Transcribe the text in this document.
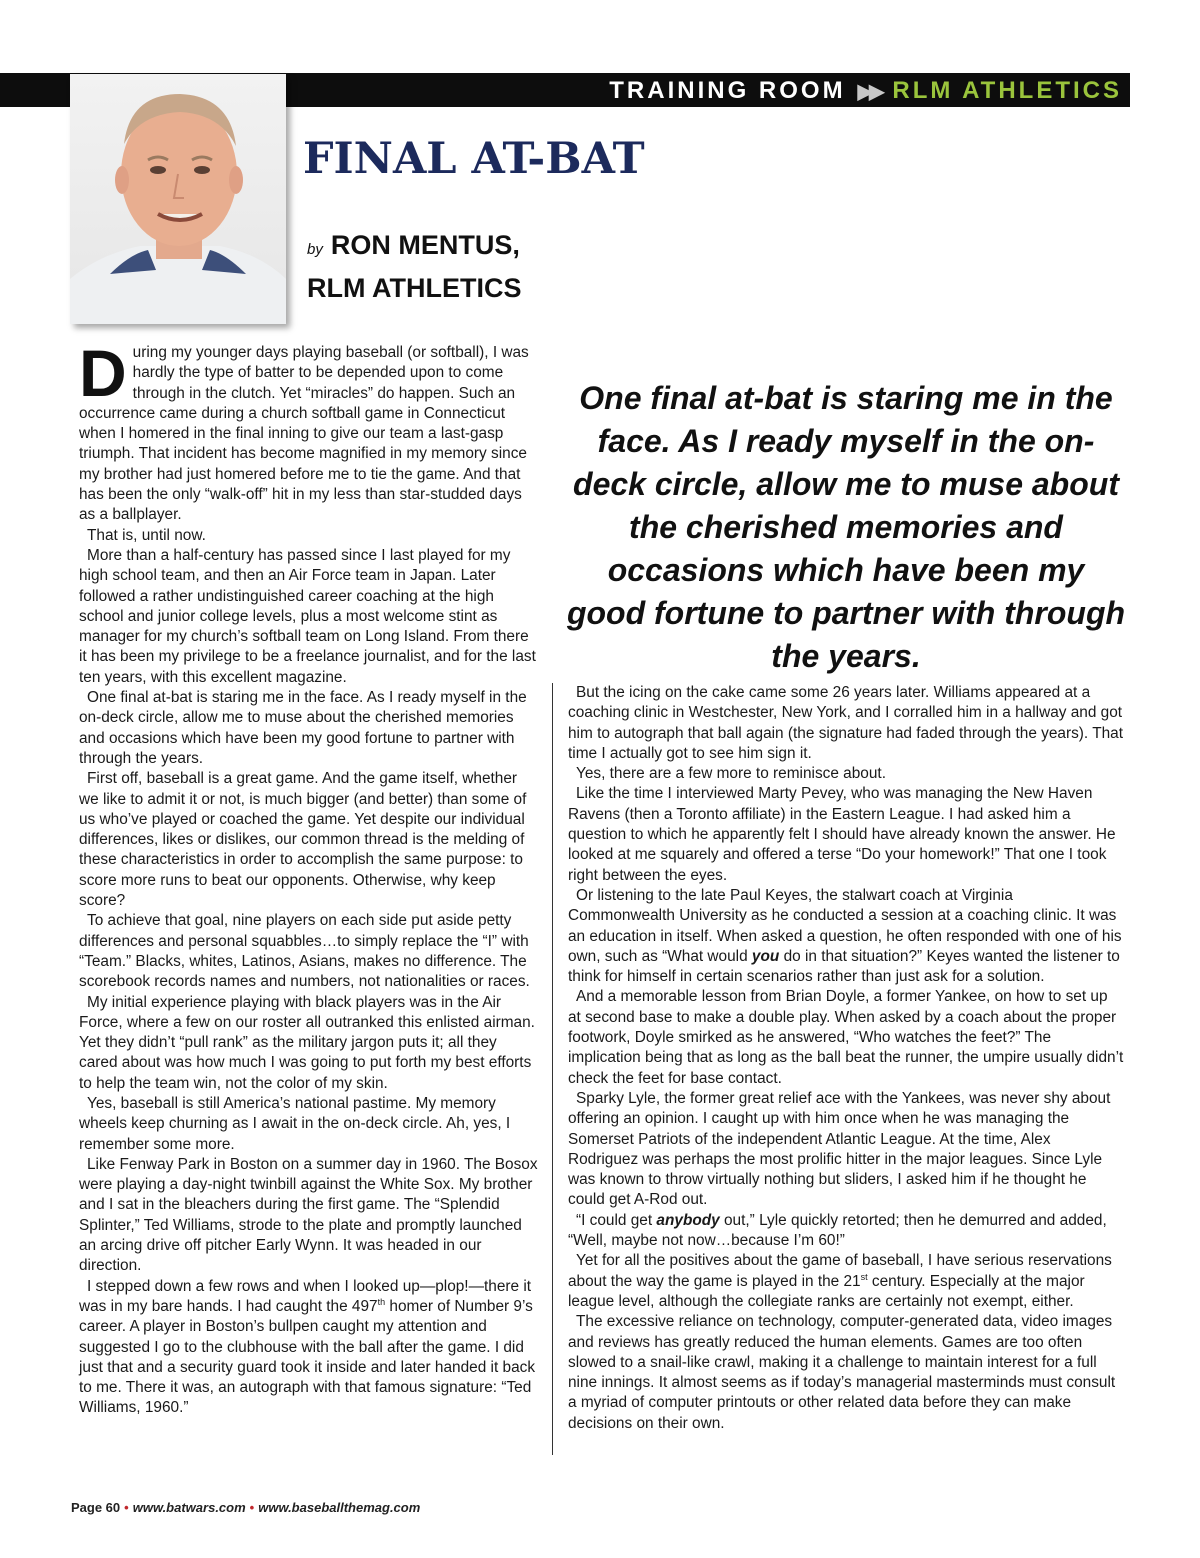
TRAINING ROOM ▶▶ RLM ATHLETICS
FINAL AT-BAT
by RON MENTUS,
RLM ATHLETICS

During my younger days playing baseball (or softball), I was hardly the type of batter to be depended upon to come through in the clutch. Yet “miracles” do happen. Such an occurrence came during a church softball game in Connecticut when I homered in the final inning to give our team a last-gasp triumph. That incident has become magnified in my memory since my brother had just homered before me to tie the game. And that has been the only “walk-off” hit in my less than star-studded days as a ballplayer.

That is, until now.

More than a half-century has passed since I last played for my high school team, and then an Air Force team in Japan. Later followed a rather undistinguished career coaching at the high school and junior college levels, plus a most welcome stint as manager for my church’s softball team on Long Island. From there it has been my privilege to be a freelance journalist, and for the last ten years, with this excellent magazine.

One final at-bat is staring me in the face. As I ready myself in the on-deck circle, allow me to muse about the cherished memories and occasions which have been my good fortune to partner with through the years.

First off, baseball is a great game. And the game itself, whether we like to admit it or not, is much bigger (and better) than some of us who’ve played or coached the game. Yet despite our individual differences, likes or dislikes, our common thread is the melding of these characteristics in order to accomplish the same purpose: to score more runs to beat our opponents. Otherwise, why keep score?

To achieve that goal, nine players on each side put aside petty differences and personal squabbles…to simply replace the “I” with “Team.” Blacks, whites, Latinos, Asians, makes no difference. The scorebook records names and numbers, not nationalities or races.

My initial experience playing with black players was in the Air Force, where a few on our roster all outranked this enlisted airman. Yet they didn’t “pull rank” as the military jargon puts it; all they cared about was how much I was going to put forth my best efforts to help the team win, not the color of my skin.

Yes, baseball is still America’s national pastime. My memory wheels keep churning as I await in the on-deck circle. Ah, yes, I remember some more.

Like Fenway Park in Boston on a summer day in 1960. The Bosox were playing a day-night twinbill against the White Sox. My brother and I sat in the bleachers during the first game. The “Splendid Splinter,” Ted Williams, strode to the plate and promptly launched an arcing drive off pitcher Early Wynn. It was headed in our direction.

I stepped down a few rows and when I looked up—plop!—there it was in my bare hands. I had caught the 497th homer of Number 9’s career. A player in Boston’s bullpen caught my attention and suggested I go to the clubhouse with the ball after the game. I did just that and a security guard took it inside and later handed it back to me. There it was, an autograph with that famous signature: “Ted Williams, 1960.”

One final at-bat is staring me in the face. As I ready myself in the on-deck circle, allow me to muse about the cherished memories and occasions which have been my good fortune to partner with through the years.

But the icing on the cake came some 26 years later. Williams appeared at a coaching clinic in Westchester, New York, and I corralled him in a hallway and got him to autograph that ball again (the signature had faded through the years). That time I actually got to see him sign it.

Yes, there are a few more to reminisce about.

Like the time I interviewed Marty Pevey, who was managing the New Haven Ravens (then a Toronto affiliate) in the Eastern League. I had asked him a question to which he apparently felt I should have already known the answer. He looked at me squarely and offered a terse “Do your homework!” That one I took right between the eyes.

Or listening to the late Paul Keyes, the stalwart coach at Virginia Commonwealth University as he conducted a session at a coaching clinic. It was an education in itself. When asked a question, he often responded with one of his own, such as “What would you do in that situation?” Keyes wanted the listener to think for himself in certain scenarios rather than just ask for a solution.

And a memorable lesson from Brian Doyle, a former Yankee, on how to set up at second base to make a double play. When asked by a coach about the proper footwork, Doyle smirked as he answered, “Who watches the feet?” The implication being that as long as the ball beat the runner, the umpire usually didn’t check the feet for base contact.

Sparky Lyle, the former great relief ace with the Yankees, was never shy about offering an opinion. I caught up with him once when he was managing the Somerset Patriots of the independent Atlantic League. At the time, Alex Rodriguez was perhaps the most prolific hitter in the major leagues. Since Lyle was known to throw virtually nothing but sliders, I asked him if he thought he could get A-Rod out.

“I could get anybody out,” Lyle quickly retorted; then he demurred and added, “Well, maybe not now…because I’m 60!”

Yet for all the positives about the game of baseball, I have serious reservations about the way the game is played in the 21st century. Especially at the major league level, although the collegiate ranks are certainly not exempt, either.

The excessive reliance on technology, computer-generated data, video images and reviews has greatly reduced the human elements. Games are too often slowed to a snail-like crawl, making it a challenge to maintain interest for a full nine innings. It almost seems as if today’s managerial masterminds must consult a myriad of computer printouts or other related data before they can make decisions on their own.

Page 60 • www.batwars.com • www.baseballthemag.com
